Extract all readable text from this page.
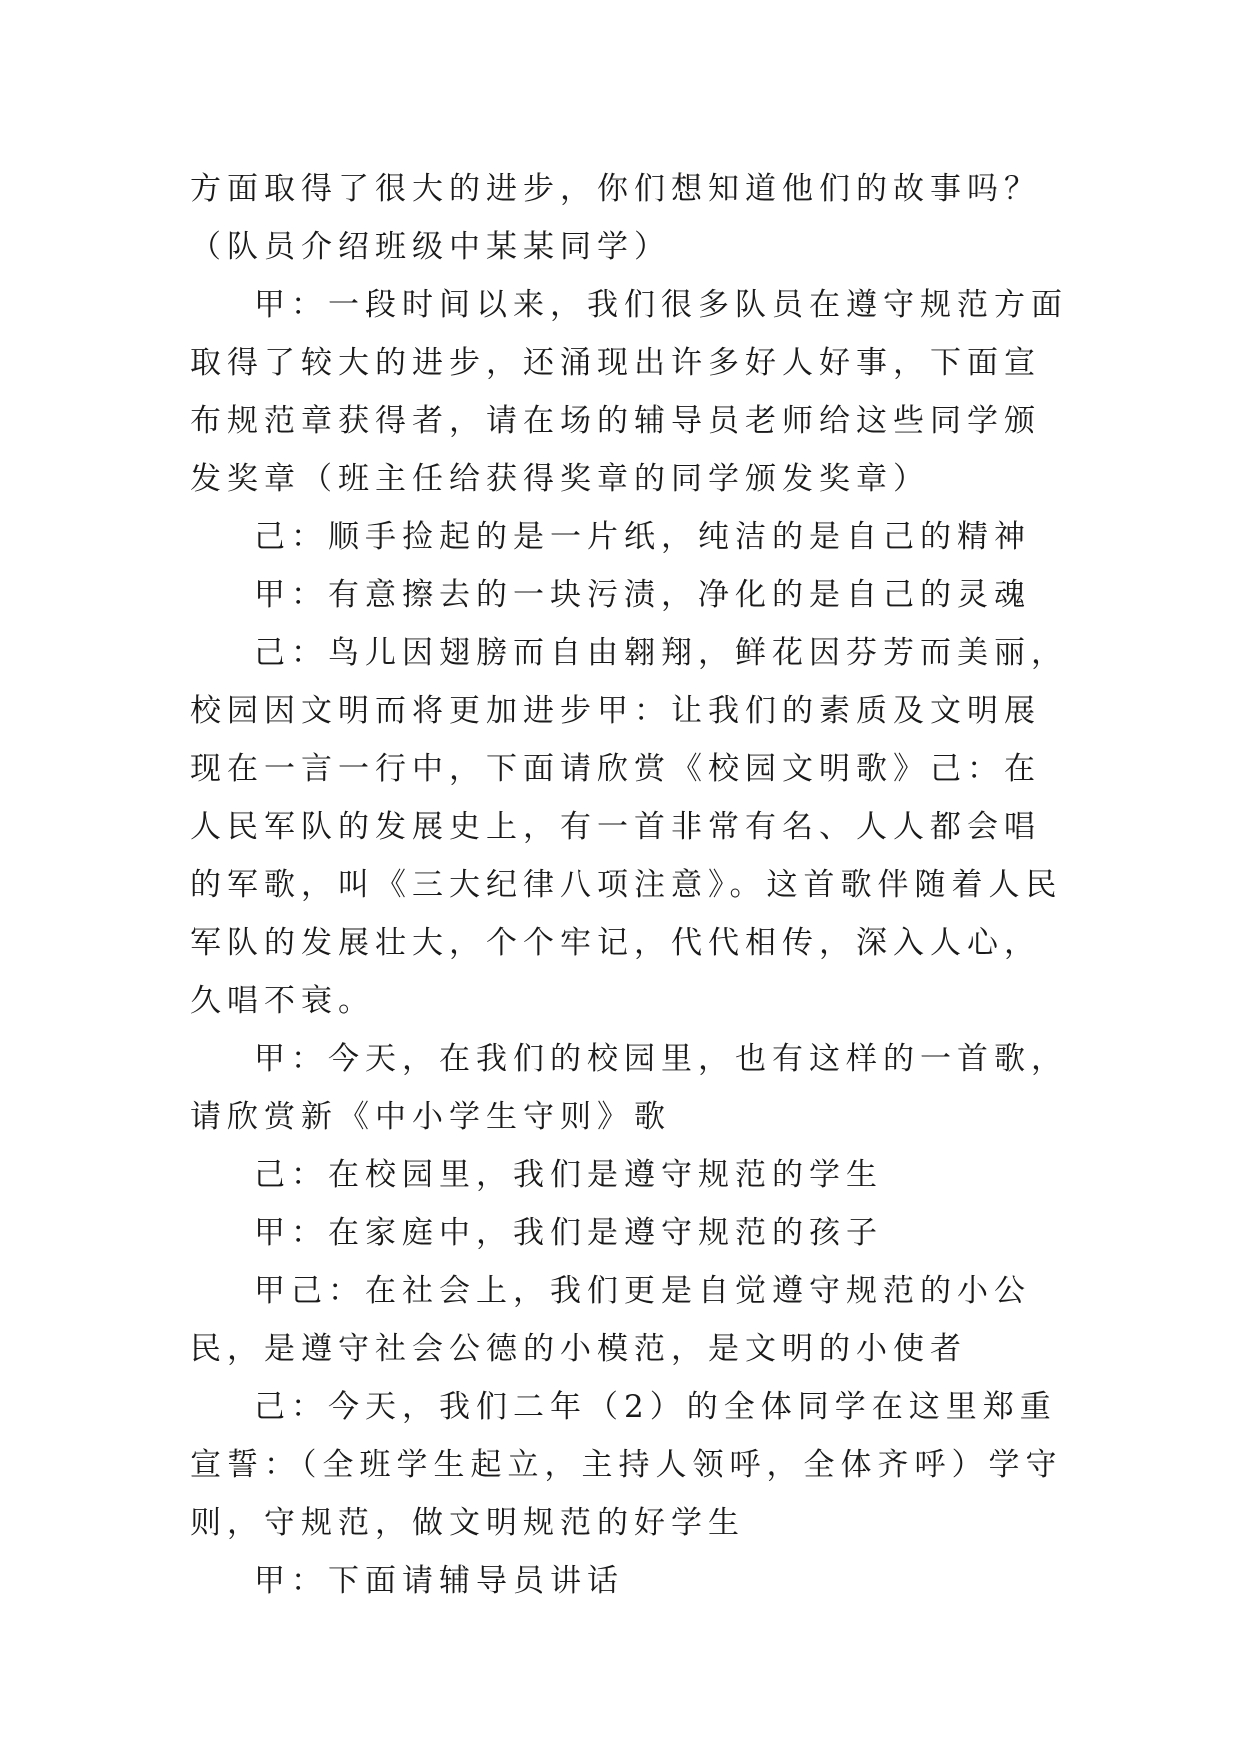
方面取得了很大的进步，你们想知道他们的故事吗？（队员介绍班级中某某同学）

甲：一段时间以来，我们很多队员在遵守规范方面取得了较大的进步，还涌现出许多好人好事，下面宣布规范章获得者，请在场的辅导员老师给这些同学颁发奖章（班主任给获得奖章的同学颁发奖章）

己：顺手捡起的是一片纸，纯洁的是自己的精神

甲：有意擦去的一块污渍，净化的是自己的灵魂

己：鸟儿因翅膀而自由翱翔，鲜花因芬芳而美丽，校园因文明而将更加进步甲：让我们的素质及文明展现在一言一行中，下面请欣赏《校园文明歌》己：在人民军队的发展史上，有一首非常有名、人人都会唱的军歌，叫《三大纪律八项注意》。这首歌伴随着人民军队的发展壮大，个个牢记，代代相传，深入人心，久唱不衰。

甲：今天，在我们的校园里，也有这样的一首歌，请欣赏新《中小学生守则》歌

己：在校园里，我们是遵守规范的学生

甲：在家庭中，我们是遵守规范的孩子

甲己：在社会上，我们更是自觉遵守规范的小公民，是遵守社会公德的小模范，是文明的小使者

己：今天，我们二年（2）的全体同学在这里郑重宣誓：（全班学生起立，主持人领呼，全体齐呼）学守则，守规范，做文明规范的好学生

甲：下面请辅导员讲话
